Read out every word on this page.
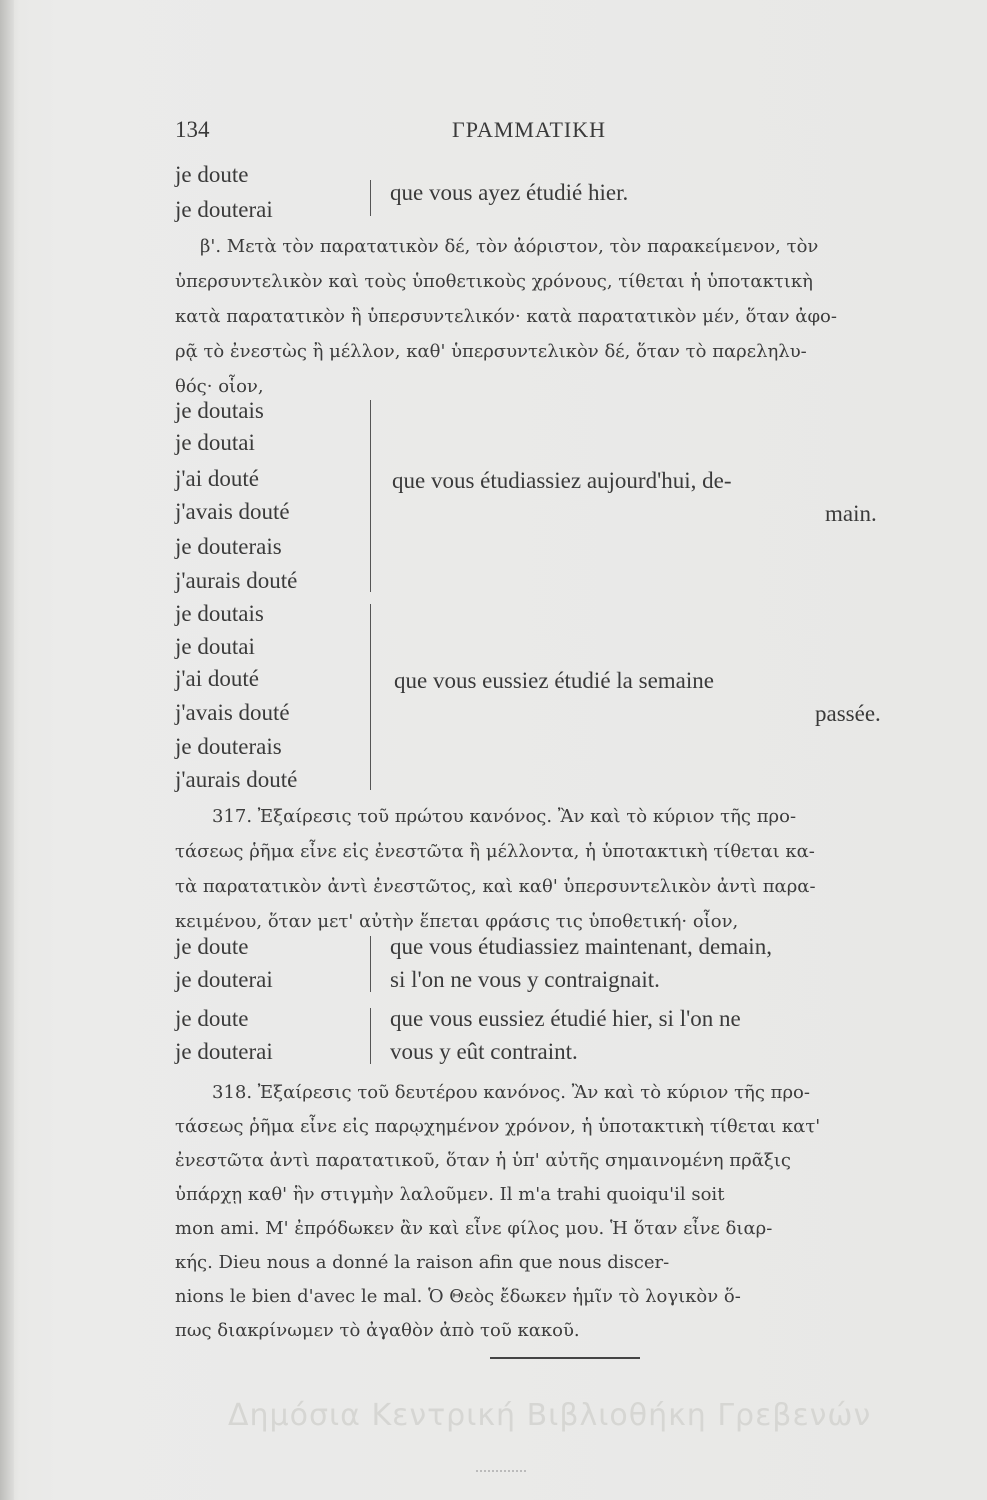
134	ΓΡΑΜΜΑΤΙΚΗ
je doute
je douterai
que vous ayez étudié hier.
β'. Μετὰ τὸν παρατατικὸν δέ, τὸν ἀόριστον, τὸν παρακείμενον, τὸν
ὑπερσυντελικὸν καὶ τοὺς ὑποθετικοὺς χρόνους, τίθεται ἡ ὑποτακτικὴ
κατὰ παρατατικὸν ἢ ὑπερσυντελικόν· κατὰ παρατατικὸν μέν, ὅταν ἀφο-
ρᾷ τὸ ἐνεστὼς ἢ μέλλον, καθ' ὑπερσυντελικὸν δέ, ὅταν τὸ παρεληλυ-
θός· οἷον,
je doutais
je doutai
j'ai douté
j'avais douté
je douterais
j'aurais douté
que vous étudiassiez aujourd'hui, de-
main.
je doutais
je doutai
j'ai douté
j'avais douté
je douterais
j'aurais douté
que vous eussiez étudié la semaine
passée.
317. Ἐξαίρεσις τοῦ πρώτου κανόνος. Ἂν καὶ τὸ κύριον τῆς προ-
τάσεως ῥῆμα εἶνε εἰς ἐνεστῶτα ἢ μέλλοντα, ἡ ὑποτακτικὴ τίθεται κα-
τὰ παρατατικὸν ἀντὶ ἐνεστῶτος, καὶ καθ' ὑπερσυντελικὸν ἀντὶ παρα-
κειμένου, ὅταν μετ' αὐτὴν ἕπεται φράσις τις ὑποθετική· οἷον,
je doute
je douterai
je doute
je douterai
que vous étudiassiez maintenant, demain,
si l'on ne vous y contraignait.
que vous eussiez étudié hier, si l'on ne
vous y eût contraint.
318. Ἐξαίρεσις τοῦ δευτέρου κανόνος. Ἂν καὶ τὸ κύριον τῆς προ-
τάσεως ῥῆμα εἶνε εἰς παρῳχημένον χρόνον, ἡ ὑποτακτικὴ τίθεται κατ'
ἐνεστῶτα ἀντὶ παρατατικοῦ, ὅταν ἡ ὑπ' αὐτῆς σημαινομένη πρᾶξις
ὑπάρχῃ καθ' ἣν στιγμὴν λαλοῦμεν. Il m'a trahi quoiqu'il soit
mon ami. Μ' ἐπρόδωκεν ἂν καὶ εἶνε φίλος μου. Ἡ ὅταν εἶνε διαρ-
κής. Dieu nous a donné la raison afin que nous discer-
nions le bien d'avec le mal. Ὁ Θεὸς ἔδωκεν ἡμῖν τὸ λογικὸν ὅ-
πως διακρίνωμεν τὸ ἀγαθὸν ἀπὸ τοῦ κακοῦ.
Δημόσια Κεντρική Βιβλιοθήκη Γρεβενών
